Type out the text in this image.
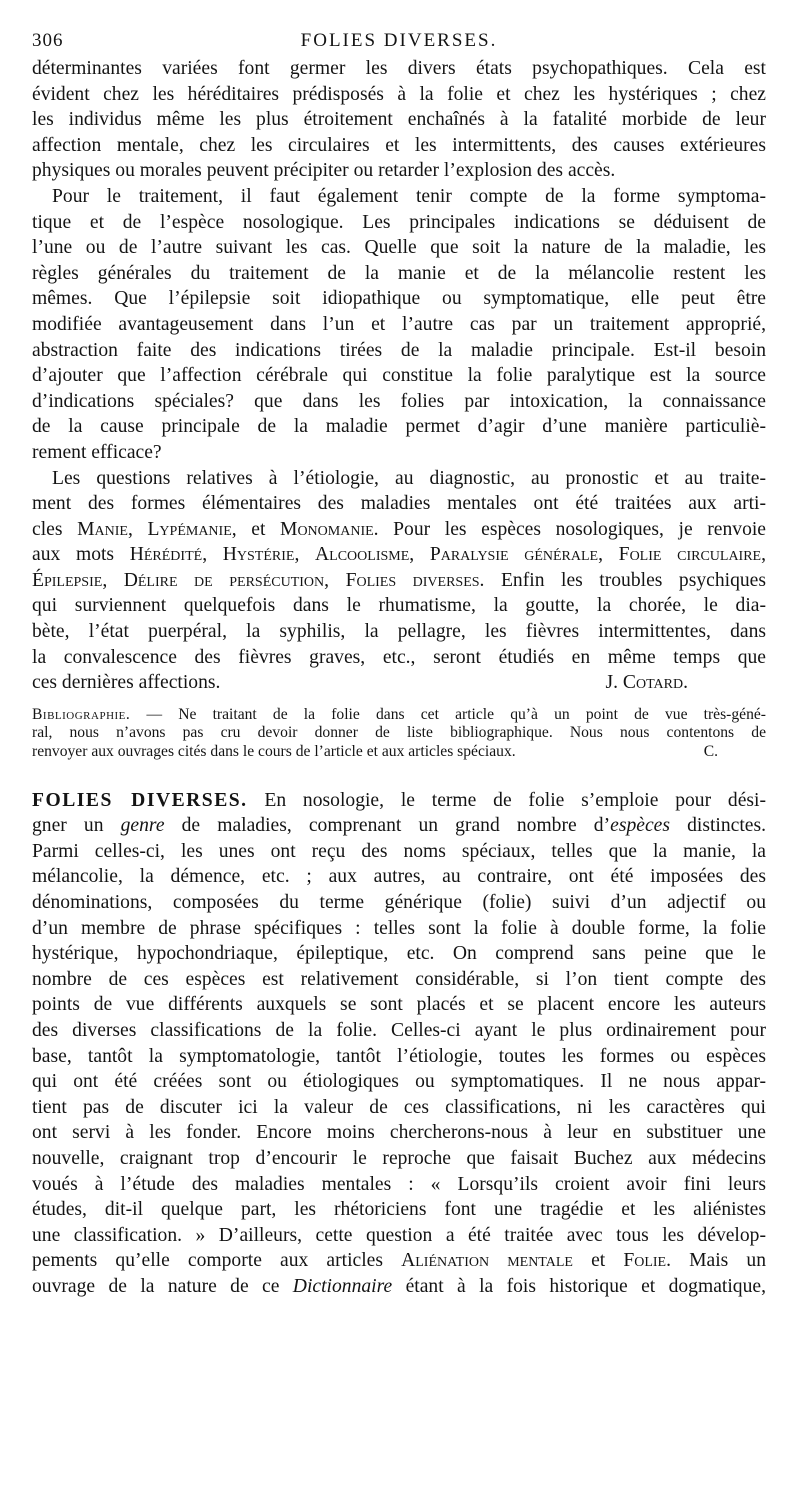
306	FOLIES DIVERSES.
déterminantes variées font germer les divers états psychopathiques. Cela est
évident chez les héréditaires prédisposés à la folie et chez les hystériques ; chez
les individus même les plus étroitement enchaînés à la fatalité morbide de leur
affection mentale, chez les circulaires et les intermittents, des causes extérieures
physiques ou morales peuvent précipiter ou retarder l’explosion des accès.
Pour le traitement, il faut également tenir compte de la forme symptoma-
tique et de l’espèce nosologique. Les principales indications se déduisent de
l’une ou de l’autre suivant les cas. Quelle que soit la nature de la maladie, les
règles générales du traitement de la manie et de la mélancolie restent les
mêmes. Que l’épilepsie soit idiopathique ou symptomatique, elle peut être
modifiée avantageusement dans l’un et l’autre cas par un traitement approprié,
abstraction faite des indications tirées de la maladie principale. Est-il besoin
d’ajouter que l’affection cérébrale qui constitue la folie paralytique est la source
d’indications spéciales? que dans les folies par intoxication, la connaissance
de la cause principale de la maladie permet d’agir d’une manière particuliè-
rement efficace?
Les questions relatives à l’étiologie, au diagnostic, au pronostic et au traite-
ment des formes élémentaires des maladies mentales ont été traitées aux arti-
cles Manie, Lypémanie, et Monomanie. Pour les espèces nosologiques, je renvoie
aux mots Hérédité, Hystérie, Alcoolisme, Paralysie générale, Folie circulaire,
Épilepsie, Délire de persécution, Folies diverses. Enfin les troubles psychiques
qui surviennent quelquefois dans le rhumatisme, la goutte, la chorée, le dia-
bète, l’état puerpéral, la syphilis, la pellagre, les fièvres intermittentes, dans
la convalescence des fièvres graves, etc., seront étudiés en même temps que
ces dernières affections.	J. Cotard.
Bibliographie. — Ne traitant de la folie dans cet article qu’à un point de vue très-géné-
ral, nous n’avons pas cru devoir donner de liste bibliographique. Nous nous contentons de
renvoyer aux ouvrages cités dans le cours de l’article et aux articles spéciaux.	C.
FOLIES DIVERSES. En nosologie, le terme de folie s’emploie pour dési-
gner un genre de maladies, comprenant un grand nombre d’espèces distinctes.
Parmi celles-ci, les unes ont reçu des noms spéciaux, telles que la manie, la
mélancolie, la démence, etc. ; aux autres, au contraire, ont été imposées des
dénominations, composées du terme générique (folie) suivi d’un adjectif ou
d’un membre de phrase spécifiques : telles sont la folie à double forme, la folie
hystérique, hypochondriaque, épileptique, etc. On comprend sans peine que le
nombre de ces espèces est relativement considérable, si l’on tient compte des
points de vue différents auxquels se sont placés et se placent encore les auteurs
des diverses classifications de la folie. Celles-ci ayant le plus ordinairement pour
base, tantôt la symptomatologie, tantôt l’étiologie, toutes les formes ou espèces
qui ont été créées sont ou étiologiques ou symptomatiques. Il ne nous appar-
tient pas de discuter ici la valeur de ces classifications, ni les caractères qui
ont servi à les fonder. Encore moins chercherons-nous à leur en substituer une
nouvelle, craignant trop d’encourir le reproche que faisait Buchez aux médecins
voués à l’étude des maladies mentales : « Lorsqu’ils croient avoir fini leurs
études, dit-il quelque part, les rhétoriciens font une tragédie et les aliénistes
une classification. » D’ailleurs, cette question a été traitée avec tous les dévelop-
pements qu’elle comporte aux articles Aliénation mentale et Folie. Mais un
ouvrage de la nature de ce Dictionnaire étant à la fois historique et dogmatique,
